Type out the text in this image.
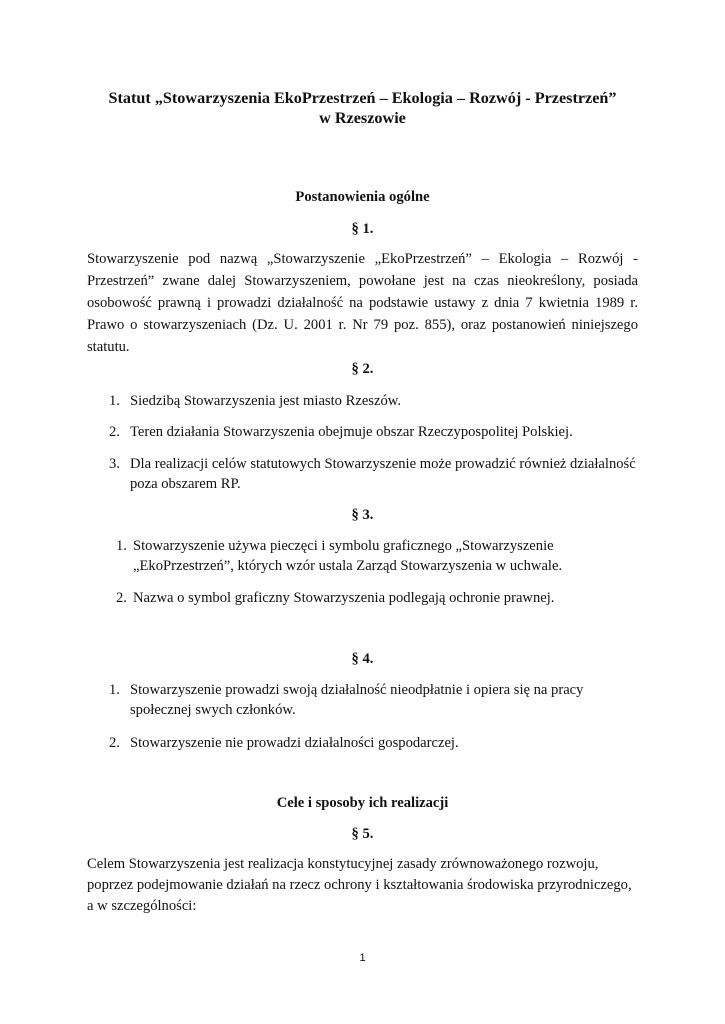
Statut „Stowarzyszenia EkoPrzestrzeń – Ekologia – Rozwój - Przestrzeń”
w Rzeszowie
Postanowienia ogólne
§ 1.
Stowarzyszenie pod nazwą „Stowarzyszenie „EkoPrzestrzeń” – Ekologia – Rozwój - Przestrzeń” zwane dalej Stowarzyszeniem, powołane jest na czas nieokreślony, posiada osobowość prawną i prowadzi działalność na podstawie ustawy z dnia 7 kwietnia 1989 r. Prawo o stowarzyszeniach (Dz. U. 2001 r. Nr 79 poz. 855), oraz postanowień niniejszego statutu.
§ 2.
1. Siedzibą Stowarzyszenia jest miasto Rzeszów.
2. Teren działania Stowarzyszenia obejmuje obszar Rzeczypospolitej Polskiej.
3. Dla realizacji celów statutowych Stowarzyszenie może prowadzić również działalność
poza obszarem RP.
§ 3.
1. Stowarzyszenie używa pieczęci i symbolu graficznego „Stowarzyszenie
„EkoPrzestrzeń”, których wzór ustala Zarząd Stowarzyszenia w uchwale.
2. Nazwa o symbol graficzny Stowarzyszenia podlegają ochronie prawnej.
§ 4.
1. Stowarzyszenie prowadzi swoją działalność nieodpłatnie i opiera się na pracy
społecznej swych członków.
2. Stowarzyszenie nie prowadzi działalności gospodarczej.
Cele i sposoby ich realizacji
§ 5.
Celem Stowarzyszenia jest realizacja konstytucyjnej zasady zrównoważonego rozwoju,
poprzez podejmowanie działań na rzecz ochrony i kształtowania środowiska przyrodniczego,
a w szczególności:
1
